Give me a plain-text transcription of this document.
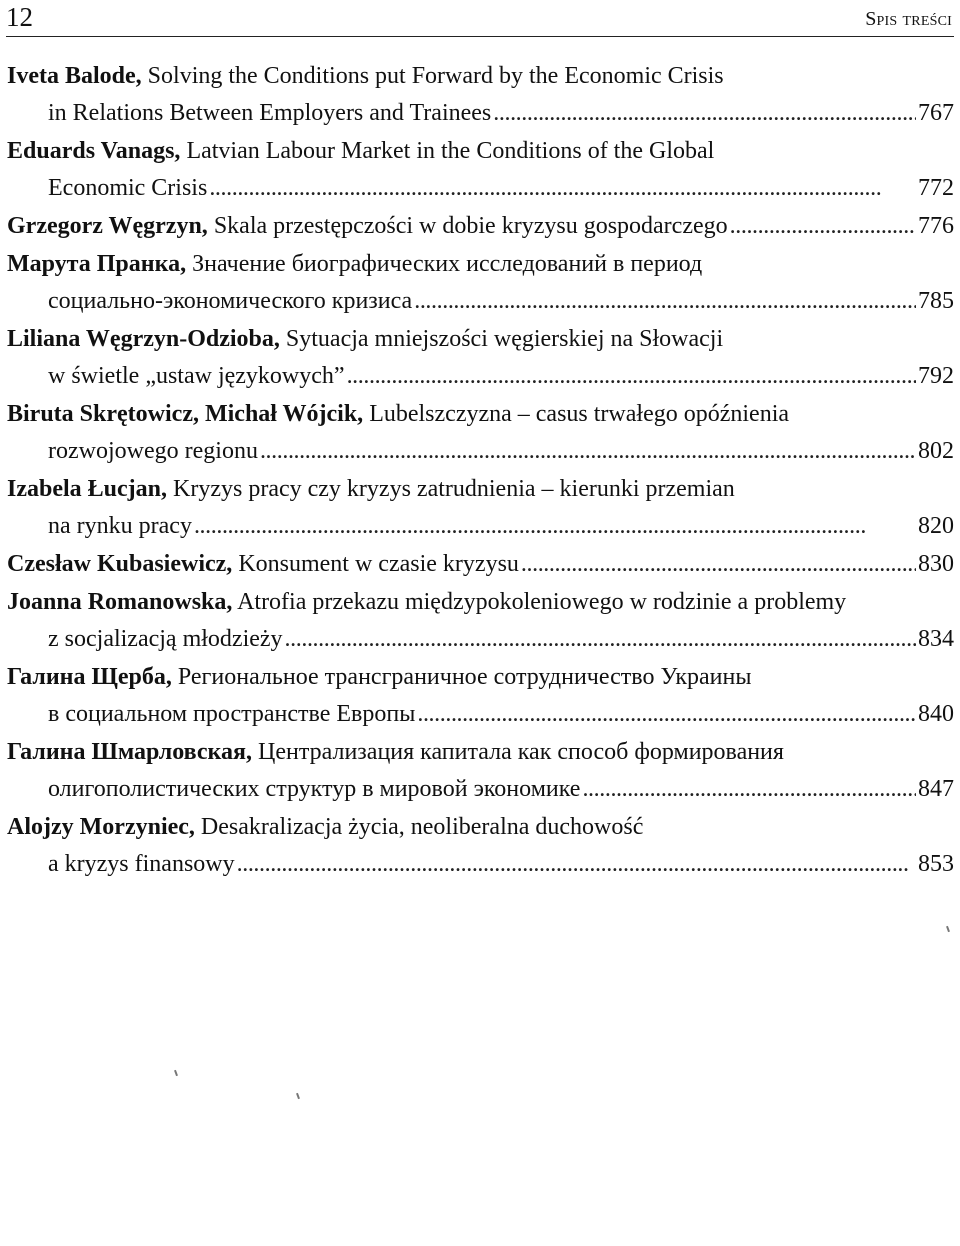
12	Spis treści
Iveta Balode, Solving the Conditions put Forward by the Economic Crisis
in Relations Between Employers and Trainees . . .	767
Eduards Vanags, Latvian Labour Market in the Conditions of the Global
Economic Crisis . . .	772
Grzegorz Węgrzyn, Skala przestępczości w dobie kryzysu gospodarczego . . .	776
Марута Пранка, Значение биографических исследований в период
социально-экономического кризиса . . .	785
Liliana Węgrzyn-Odzioba, Sytuacja mniejszości węgierskiej na Słowacji
w świetle „ustaw językowych” . . .	792
Biruta Skrętowicz, Michał Wójcik, Lubelszczyzna – casus trwałego opóźnienia
rozwojowego regionu . . .	802
Izabela Łucjan, Kryzys pracy czy kryzys zatrudnienia – kierunki przemian
na rynku pracy . . .	820
Czesław Kubasiewicz, Konsument w czasie kryzysu . . .	830
Joanna Romanowska, Atrofia przekazu międzypokoleniowego w rodzinie a problemy
z socjalizacją młodzieży . . .	834
Галина Щерба, Региональное трансграничное сотрудничество Украины
в социальном пространстве Европы . . .	840
Галина Шмарловская, Централизация капитала как способ формирования
олигополистических структур в мировой экономике . . .	847
Alojzy Morzyniec, Desakralizacja życia, neoliberalna duchowość
a kryzys finansowy . . .	853
